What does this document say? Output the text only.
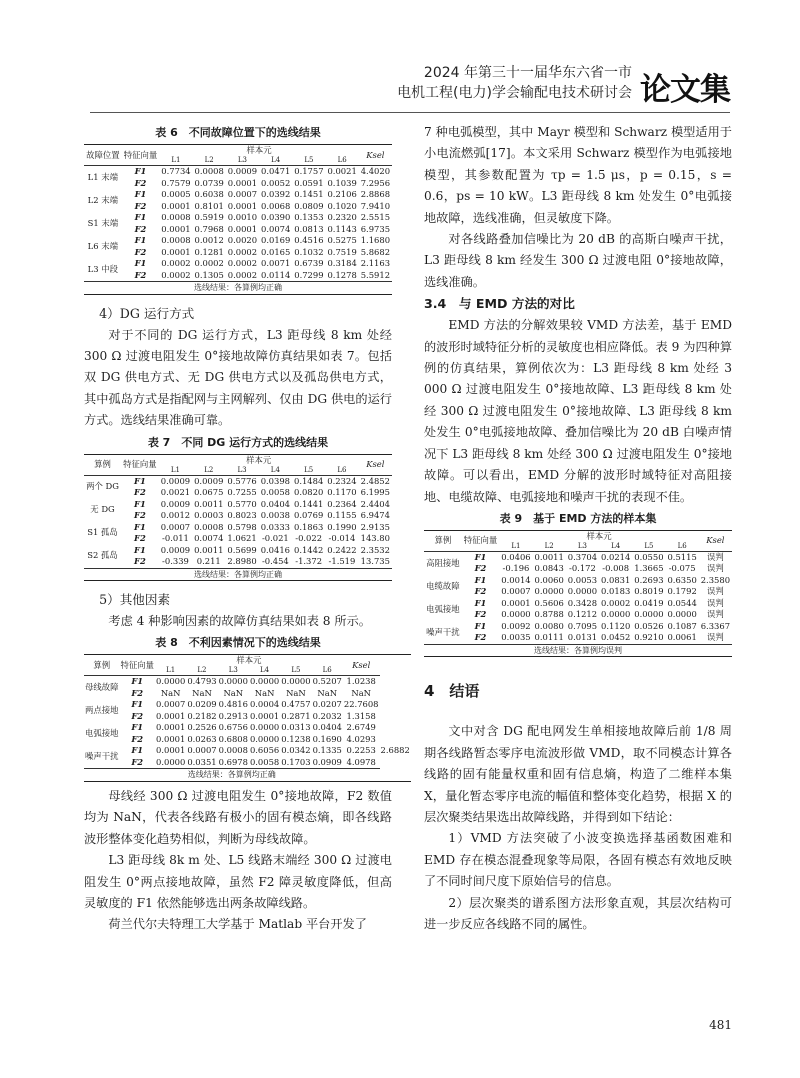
2024 年第三十一届华东六省一市
电机工程(电力)学会输配电技术研讨会 论文集
表 6　不同故障位置下的选线结果
故障位置	特征向量	样本元						Ksel
		L1	L2	L3	L4	L5	L6	
L1 末端	F1	0.7734	0.0008	0.0009	0.0471	0.1757	0.0021	4.4020
	F2	0.7579	0.0739	0.0001	0.0052	0.0591	0.1039	7.2956
L2 末端	F1	0.0005	0.6038	0.0007	0.0392	0.1451	0.2106	2.8868
	F2	0.0001	0.8101	0.0001	0.0068	0.0809	0.1020	7.9410
S1 末端	F1	0.0008	0.5919	0.0010	0.0390	0.1353	0.2320	2.5515
	F2	0.0001	0.7968	0.0001	0.0074	0.0813	0.1143	6.9735
L6 末端	F1	0.0008	0.0012	0.0020	0.0169	0.4516	0.5275	1.1680
	F2	0.0001	0.1281	0.0002	0.0165	0.1032	0.7519	5.8682
L3 中段	F1	0.0002	0.0002	0.0002	0.0071	0.6739	0.3184	2.1163
	F2	0.0002	0.1305	0.0002	0.0114	0.7299	0.1278	5.5912
选线结果：各算例均正确								
4）DG 运行方式

对于不同的 DG 运行方式，L3 距母线 8 km 处经 300 Ω 过渡电阻发生 0°接地故障仿真结果如表 7。包括双 DG 供电方式、无 DG 供电方式以及孤岛供电方式，其中孤岛方式是指配网与主网解列、仅由 DG 供电的运行方式。选线结果准确可靠。

表 7　不同 DG 运行方式的选线结果
算例	特征向量	样本元						Ksel
		L1	L2	L3	L4	L5	L6	
两个 DG	F1	0.0009	0.0009	0.5776	0.0398	0.1484	0.2324	2.4852
	F2	0.0021	0.0675	0.7255	0.0058	0.0820	0.1170	6.1995
无 DG	F1	0.0009	0.0011	0.5770	0.0404	0.1441	0.2364	2.4404
	F2	0.0012	0.0003	0.8023	0.0038	0.0769	0.1155	6.9474
S1 孤岛	F1	0.0007	0.0008	0.5798	0.0333	0.1863	0.1990	2.9135
	F2	-0.011	0.0074	1.0621	-0.021	-0.022	-0.014	143.80
S2 孤岛	F1	0.0009	0.0011	0.5699	0.0416	0.1442	0.2422	2.3532
	F2	-0.339	0.211	2.8980	-0.454	-1.372	-1.519	13.735
选线结果：各算例均正确								
5）其他因素

考虑 4 种影响因素的故障仿真结果如表 8 所示。

表 8　不利因素情况下的选线结果
算例	特征向量	样本元						Ksel	
		L1	L2	L3	L4	L5	L6		
母线故障	F1	0.0000	0.4793	0.0000	0.0000	0.0000	0.5207	1.0238	
	F2	NaN	NaN	NaN	NaN	NaN	NaN	NaN	
两点接地	F1	0.0007	0.0209	0.4816	0.0004	0.4757	0.0207	22.7608	
	F2	0.0001	0.2182	0.2913	0.0001	0.2871	0.2032	1.3158	
电弧接地	F1	0.0001	0.2526	0.6756	0.0000	0.0313	0.0404	2.6749	
	F2	0.0001	0.0263	0.6808	0.0000	0.1238	0.1690	4.0293	
噪声干扰	F1	0.0001	0.0007	0.0008	0.6056	0.0342	0.1335	0.2253	2.6882
	F2	0.0000	0.0351	0.6978	0.0058	0.1703	0.0909	4.0978	
选线结果：各算例均正确									

母线经 300 Ω 过渡电阻发生 0°接地故障，F2 数值均为 NaN，代表各线路有极小的固有模态熵，即各线路波形整体变化趋势相似，判断为母线故障。

L3 距母线 8k m 处、L5 线路末端经 300 Ω 过渡电阻发生 0°两点接地故障，虽然 F2 障灵敏度降低，但高灵敏度的 F1 依然能够选出两条故障线路。

荷兰代尔夫特理工大学基于 Matlab 平台开发了

7 种电弧模型，其中 Mayr 模型和 Schwarz 模型适用于小电流燃弧[17]。本文采用 Schwarz 模型作为电弧接地模型，其参数配置为 τp = 1.5 μs，p = 0.15，s = 0.6，ps = 10 kW。L3 距母线 8 km 处发生 0°电弧接地故障，选线准确，但灵敏度下降。

对各线路叠加信噪比为 20 dB 的高斯白噪声干扰，L3 距母线 8 km 经发生 300 Ω 过渡电阻 0°接地故障，选线准确。

3.4　与 EMD 方法的对比

EMD 方法的分解效果较 VMD 方法差，基于 EMD 的波形时域特征分析的灵敏度也相应降低。表 9 为四种算例的仿真结果，算例依次为：L3 距母线 8 km 处经 3 000 Ω 过渡电阻发生 0°接地故障、L3 距母线 8 km 处经 300 Ω 过渡电阻发生 0°接地故障、L3 距母线 8 km 处发生 0°电弧接地故障、叠加信噪比为 20 dB 白噪声情况下 L3 距母线 8 km 处经 300 Ω 过渡电阻发生 0°接地故障。可以看出，EMD 分解的波形时域特征对高阻接地、电缆故障、电弧接地和噪声干扰的表现不佳。

表 9　基于 EMD 方法的样本集
算例	特征向量	样本元						Ksel
		L1	L2	L3	L4	L5	L6	
高阻接地	F1	0.0406	0.0011	0.3704	0.0214	0.0550	0.5115	误判
	F2	-0.196	0.0843	-0.172	-0.008	1.3665	-0.075	误判
电缆故障	F1	0.0014	0.0060	0.0053	0.0831	0.2693	0.6350	2.3580
	F2	0.0007	0.0000	0.0000	0.0183	0.8019	0.1792	误判
电弧接地	F1	0.0001	0.5606	0.3428	0.0002	0.0419	0.0544	误判
	F2	0.0000	0.8788	0.1212	0.0000	0.0000	0.0000	误判
噪声干扰	F1	0.0092	0.0080	0.7095	0.1120	0.0526	0.1087	6.3367
	F2	0.0035	0.0111	0.0131	0.0452	0.9210	0.0061	误判
选线结果：各算例均误判								
4　结语

文中对含 DG 配电网发生单相接地故障后前 1/8 周期各线路暂态零序电流波形做 VMD，取不同模态计算各线路的固有能量权重和固有信息熵，构造了二维样本集 X，量化暂态零序电流的幅值和整体变化趋势，根据 X 的层次聚类结果选出故障线路，并得到如下结论：

1）VMD 方法突破了小波变换选择基函数困难和 EMD 存在模态混叠现象等局限，各固有模态有效地反映了不同时间尺度下原始信号的信息。

2）层次聚类的谱系图方法形象直观，其层次结构可进一步反应各线路不同的属性。

481
